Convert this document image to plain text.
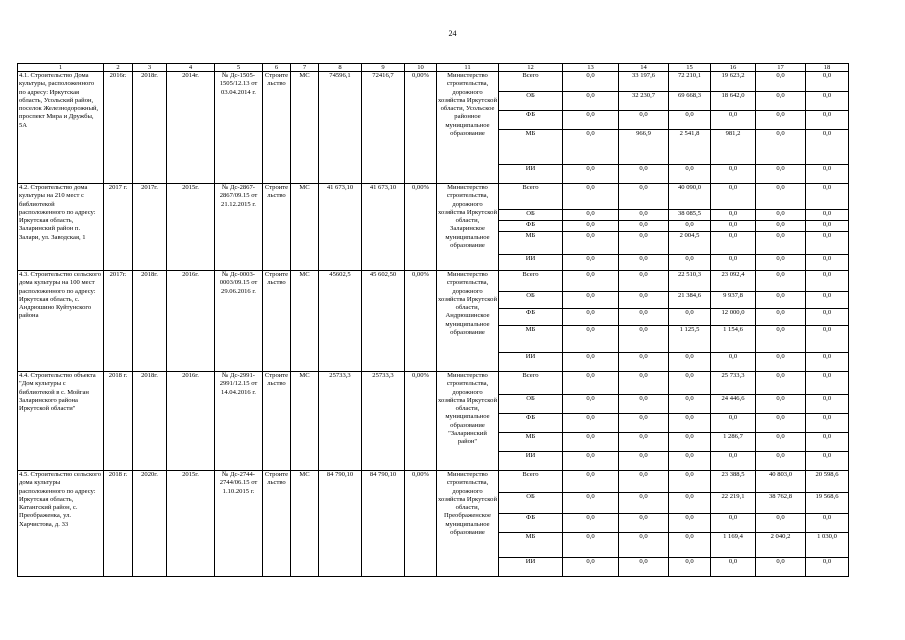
24
1	2	3	4	5	6	7	8	9	10	11	12	13	14	15	16	17	18
4.1. Строительство Дома культуры, расположенного по адресу: Иркутская область, Усольский район, поселок Железнодорожный, проспект Мира и Дружбы, 5А	2016г.	2018г.	2014г.	№ Дс-1505-1505/12.13 от 03.04.2014 г.	Строительство	МС	74596,1	72416,7	0,00%	Министерство строительства, дорожного хозяйства Иркутской области, Усольское районное муниципальное образование	Всего	0,0	33 197,6	72 210,1	19 623,2	0,0	0,0
											ОБ	0,0	32 230,7	69 668,3	18 642,0	0,0	0,0
											ФБ	0,0	0,0	0,0	0,0	0,0	0,0
											МБ	0,0	966,9	2 541,8	981,2	0,0	0,0
											ИИ	0,0	0,0	0,0	0,0	0,0	0,0
4.2. Строительство дома культуры на 210 мест с библиотекой расположенного по адресу: Иркутская область, Заларинский район п. Залари, ул. Заводская, 1	2017 г.	2017г.	2015г.	№ Дс-2867-2867/09.15 от 21.12.2015 г.	Строительство	МС	41 673,10	41 673,10	0,00%	Министерство строительства, дорожного хозяйства Иркутской области, Заларинское муниципальное образование	Всего	0,0	0,0	40 090,0	0,0	0,0	0,0
											ОБ	0,0	0,0	38 085,5	0,0	0,0	0,0
											ФБ	0,0	0,0	0,0	0,0	0,0	0,0
											МБ	0,0	0,0	2 004,5	0,0	0,0	0,0
											ИИ	0,0	0,0	0,0	0,0	0,0	0,0
4.3. Строительство сельского дома культуры на 100 мест расположенного по адресу: Иркутская область, с. Андрюшино Куйтунского района	2017г.	2018г.	2016г.	№ Дс-0003-0003/09.15 от 29.06.2016 г.	Строительство	МС	45602,5	45 602,50	0,00%	Министерство строительства, дорожного хозяйства Иркутской области, Андрюшинское муниципальное образование	Всего	0,0	0,0	22 510,3	23 092,4	0,0	0,0
											ОБ	0,0	0,0	21 384,6	9 937,8	0,0	0,0
											ФБ	0,0	0,0	0,0	12 000,0	0,0	0,0
											МБ	0,0	0,0	1 125,5	1 154,6	0,0	0,0
											ИИ	0,0	0,0	0,0	0,0	0,0	0,0
4.4. Строительство объекта "Дом культуры с библиотекой в с. Мойган Заларинского района Иркутской области"	2018 г.	2018г.	2016г.	№ Дс-2991-2991/12.15 от 14.04.2016 г.	Строительство	МС	25733,3	25733,3	0,00%	Министерство строительства, дорожного хозяйства Иркутской области, муниципальное образование "Заларинский район"	Всего	0,0	0,0	0,0	25 733,3	0,0	0,0
											ОБ	0,0	0,0	0,0	24 446,6	0,0	0,0
											ФБ	0,0	0,0	0,0	0,0	0,0	0,0
											МБ	0,0	0,0	0,0	1 286,7	0,0	0,0
											ИИ	0,0	0,0	0,0	0,0	0,0	0,0
4.5. Строительство сельского дома культуры расположенного по адресу: Иркутская область, Катангский район, с. Преображенка, ул. Харчистова, д. 33	2018 г.	2020г.	2015г.	№ Дс-2744-2744/06.15 от 1.10.2015 г.	Строительство	МС	84 790,10	84 790,10	0,00%	Министерство строительства, дорожного хозяйства Иркутской области, Преображенское муниципальное образование	Всего	0,0	0,0	0,0	23 388,5	40 803,0	20 598,6
											ОБ	0,0	0,0	0,0	22 219,1	38 762,8	19 568,6
											ФБ	0,0	0,0	0,0	0,0	0,0	0,0
											МБ	0,0	0,0	0,0	1 169,4	2 040,2	1 030,0
											ИИ	0,0	0,0	0,0	0,0	0,0	0,0
